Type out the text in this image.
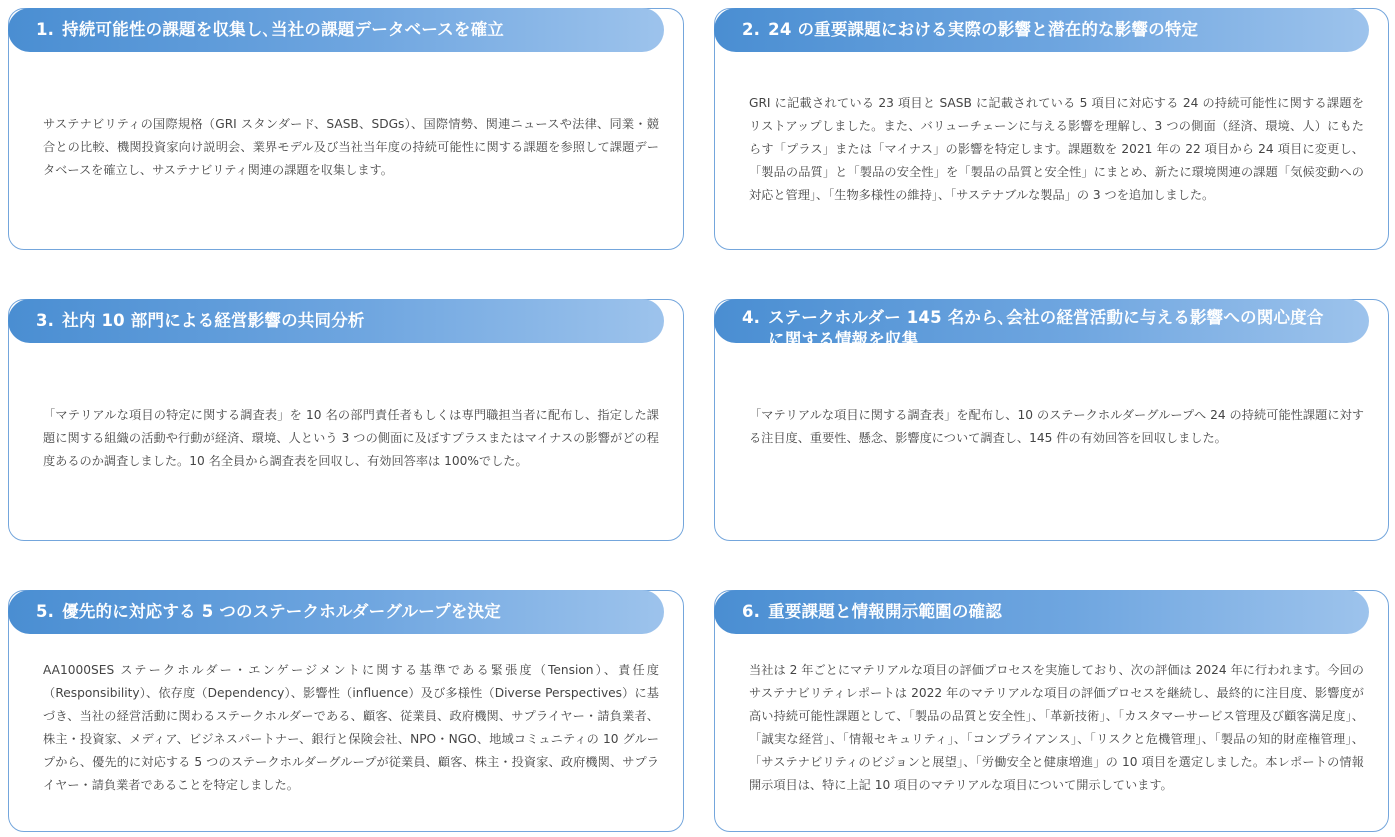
1. 持続可能性の課題を収集し､当社の課題データベースを確立
サステナビリティの国際規格（GRI スタンダード、SASB、SDGs）、国際情勢、関連ニュースや法律、同業・競合との比較、機関投資家向け説明会、業界モデル及び当社当年度の持続可能性に関する課題を参照して課題データベースを確立し、サステナビリティ関連の課題を収集します。
2. 24 の重要課題における実際の影響と潜在的な影響の特定
GRI に記載されている 23 項目と SASB に記載されている 5 項目に対応する 24 の持続可能性に関する課題をリストアップしました。また、バリューチェーンに与える影響を理解し、3 つの側面（経済、環境、人）にもたらす「プラス」または「マイナス」の影響を特定します。課題数を 2021 年の 22 項目から 24 項目に変更し、「製品の品質」と「製品の安全性」を「製品の品質と安全性」にまとめ、新たに環境関連の課題「気候変動への対応と管理」、「生物多様性の維持」、「サステナブルな製品」の 3 つを追加しました。
3. 社内 10 部門による経営影響の共同分析
「マテリアルな項目の特定に関する調査表」を 10 名の部門責任者もしくは専門職担当者に配布し、指定した課題に関する組織の活動や行動が経済、環境、人という 3 つの側面に及ぼすプラスまたはマイナスの影響がどの程度あるのか調査しました。10 名全員から調査表を回収し、有効回答率は 100%でした。
4. ステークホルダー 145 名から､会社の経営活動に与える影響への関心度合に関する情報を収集
「マテリアルな項目に関する調査表」を配布し、10 のステークホルダーグループへ 24 の持続可能性課題に対する注目度、重要性、懸念、影響度について調査し、145 件の有効回答を回収しました。
5. 優先的に対応する 5 つのステークホルダーグループを決定
AA1000SES ステークホルダー・エンゲージメントに関する基準である緊張度（Tension）、責任度（Responsibility）、依存度（Dependency）、影響性（influence）及び多様性（Diverse Perspectives）に基づき、当社の経営活動に関わるステークホルダーである、顧客、従業員、政府機関、サプライヤー・請負業者、株主・投資家、メディア、ビジネスパートナー、銀行と保険会社、NPO・NGO、地域コミュニティの 10 グループから、優先的に対応する 5 つのステークホルダーグループが従業員、顧客、株主・投資家、政府機関、サプライヤー・請負業者であることを特定しました。
6. 重要課題と情報開示範圍の確認
当社は 2 年ごとにマテリアルな項目の評価プロセスを実施しており、次の評価は 2024 年に行われます。今回のサステナビリティレポートは 2022 年のマテリアルな項目の評価プロセスを継続し、最終的に注目度、影響度が高い持続可能性課題として、「製品の品質と安全性」、「革新技術」、「カスタマーサービス管理及び顧客満足度」、「誠実な経営」、「情報セキュリティ」、「コンプライアンス」、「リスクと危機管理」、「製品の知的財産権管理」、「サステナビリティのビジョンと展望」、「労働安全と健康増進」の 10 項目を選定しました。本レポートの情報開示項目は、特に上記 10 項目のマテリアルな項目について開示しています。
